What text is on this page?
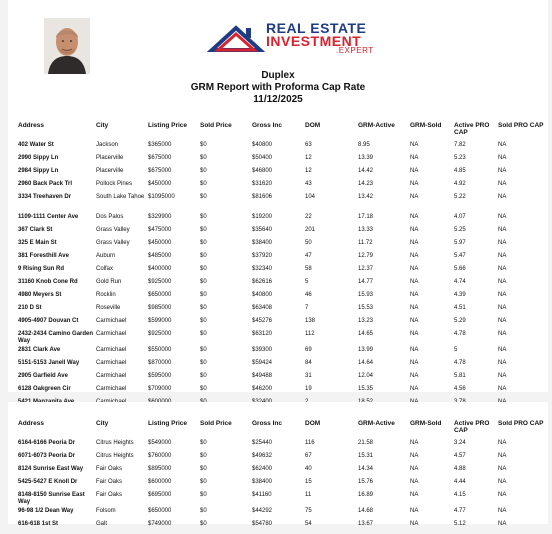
REAL ESTATE
INVESTMENT
.EXPERT
Duplex
GRM Report with Proforma Cap Rate
11/12/2025
Address	City	Listing Price	Sold Price	Gross Inc	DOM	GRM-Active	GRM-Sold	Active PRO CAP	Sold PRO CAP
402 Water St	Jackson	$365000	$0	$40800	63	8.95	NA	7.82	NA
2990 Sippy Ln	Placerville	$675000	$0	$50400	12	13.39	NA	5.23	NA
2984 Sippy Ln	Placerville	$675000	$0	$46800	12	14.42	NA	4.85	NA
2960 Back Pack Trl	Pollock Pines	$450000	$0	$31620	43	14.23	NA	4.92	NA
3334 Treehaven Dr	South Lake Tahoe	$1095000	$0	$81606	104	13.42	NA	5.22	NA
1109-1111 Center Ave	Dos Palos	$329900	$0	$19200	22	17.18	NA	4.07	NA
367 Clark St	Grass Valley	$475000	$0	$35640	201	13.33	NA	5.25	NA
325 E Main St	Grass Valley	$450000	$0	$38400	50	11.72	NA	5.97	NA
381 Foresthill Ave	Auburn	$485000	$0	$37920	47	12.79	NA	5.47	NA
9 Rising Sun Rd	Colfax	$400000	$0	$32340	58	12.37	NA	5.66	NA
31160 Knob Cone Rd	Gold Run	$925000	$0	$62616	5	14.77	NA	4.74	NA
4980 Meyers St	Rocklin	$650000	$0	$40800	46	15.93	NA	4.39	NA
210 D St	Roseville	$985000	$0	$63408	7	15.53	NA	4.51	NA
4905-4907 Douvan Ct	Carmichael	$599000	$0	$45276	138	13.23	NA	5.29	NA
2432-2434 Camino Garden Way	Carmichael	$925000	$0	$63120	112	14.65	NA	4.78	NA
2831 Clark Ave	Carmichael	$550000	$0	$39300	69	13.99	NA	5	NA
5151-5153 Janell Way	Carmichael	$870000	$0	$59424	84	14.64	NA	4.78	NA
2905 Garfield Ave	Carmichael	$595000	$0	$49488	31	12.04	NA	5.81	NA
6128 Oakgreen Cir	Carmichael	$709000	$0	$46200	19	15.35	NA	4.56	NA

Address	City	Listing Price	Sold Price	Gross Inc	DOM	GRM-Active	GRM-Sold	Active PRO CAP	Sold PRO CAP
6164-6166 Peoria Dr	Citrus Heights	$549000	$0	$25440	116	21.58	NA	3.24	NA
6071-6073 Peoria Dr	Citrus Heights	$760000	$0	$49632	67	15.31	NA	4.57	NA
8124 Sunrise East Way	Fair Oaks	$895000	$0	$62400	40	14.34	NA	4.88	NA
5425-5427 E Knoll Dr	Fair Oaks	$600000	$0	$38400	15	15.76	NA	4.44	NA
8148-8150 Sunrise East Way	Fair Oaks	$695000	$0	$41160	11	16.89	NA	4.15	NA
96-98 1/2 Dean Way	Folsom	$650000	$0	$44292	75	14.68	NA	4.77	NA
616-618 1st St	Galt	$749000	$0	$54780	54	13.67	NA	5.12	NA
